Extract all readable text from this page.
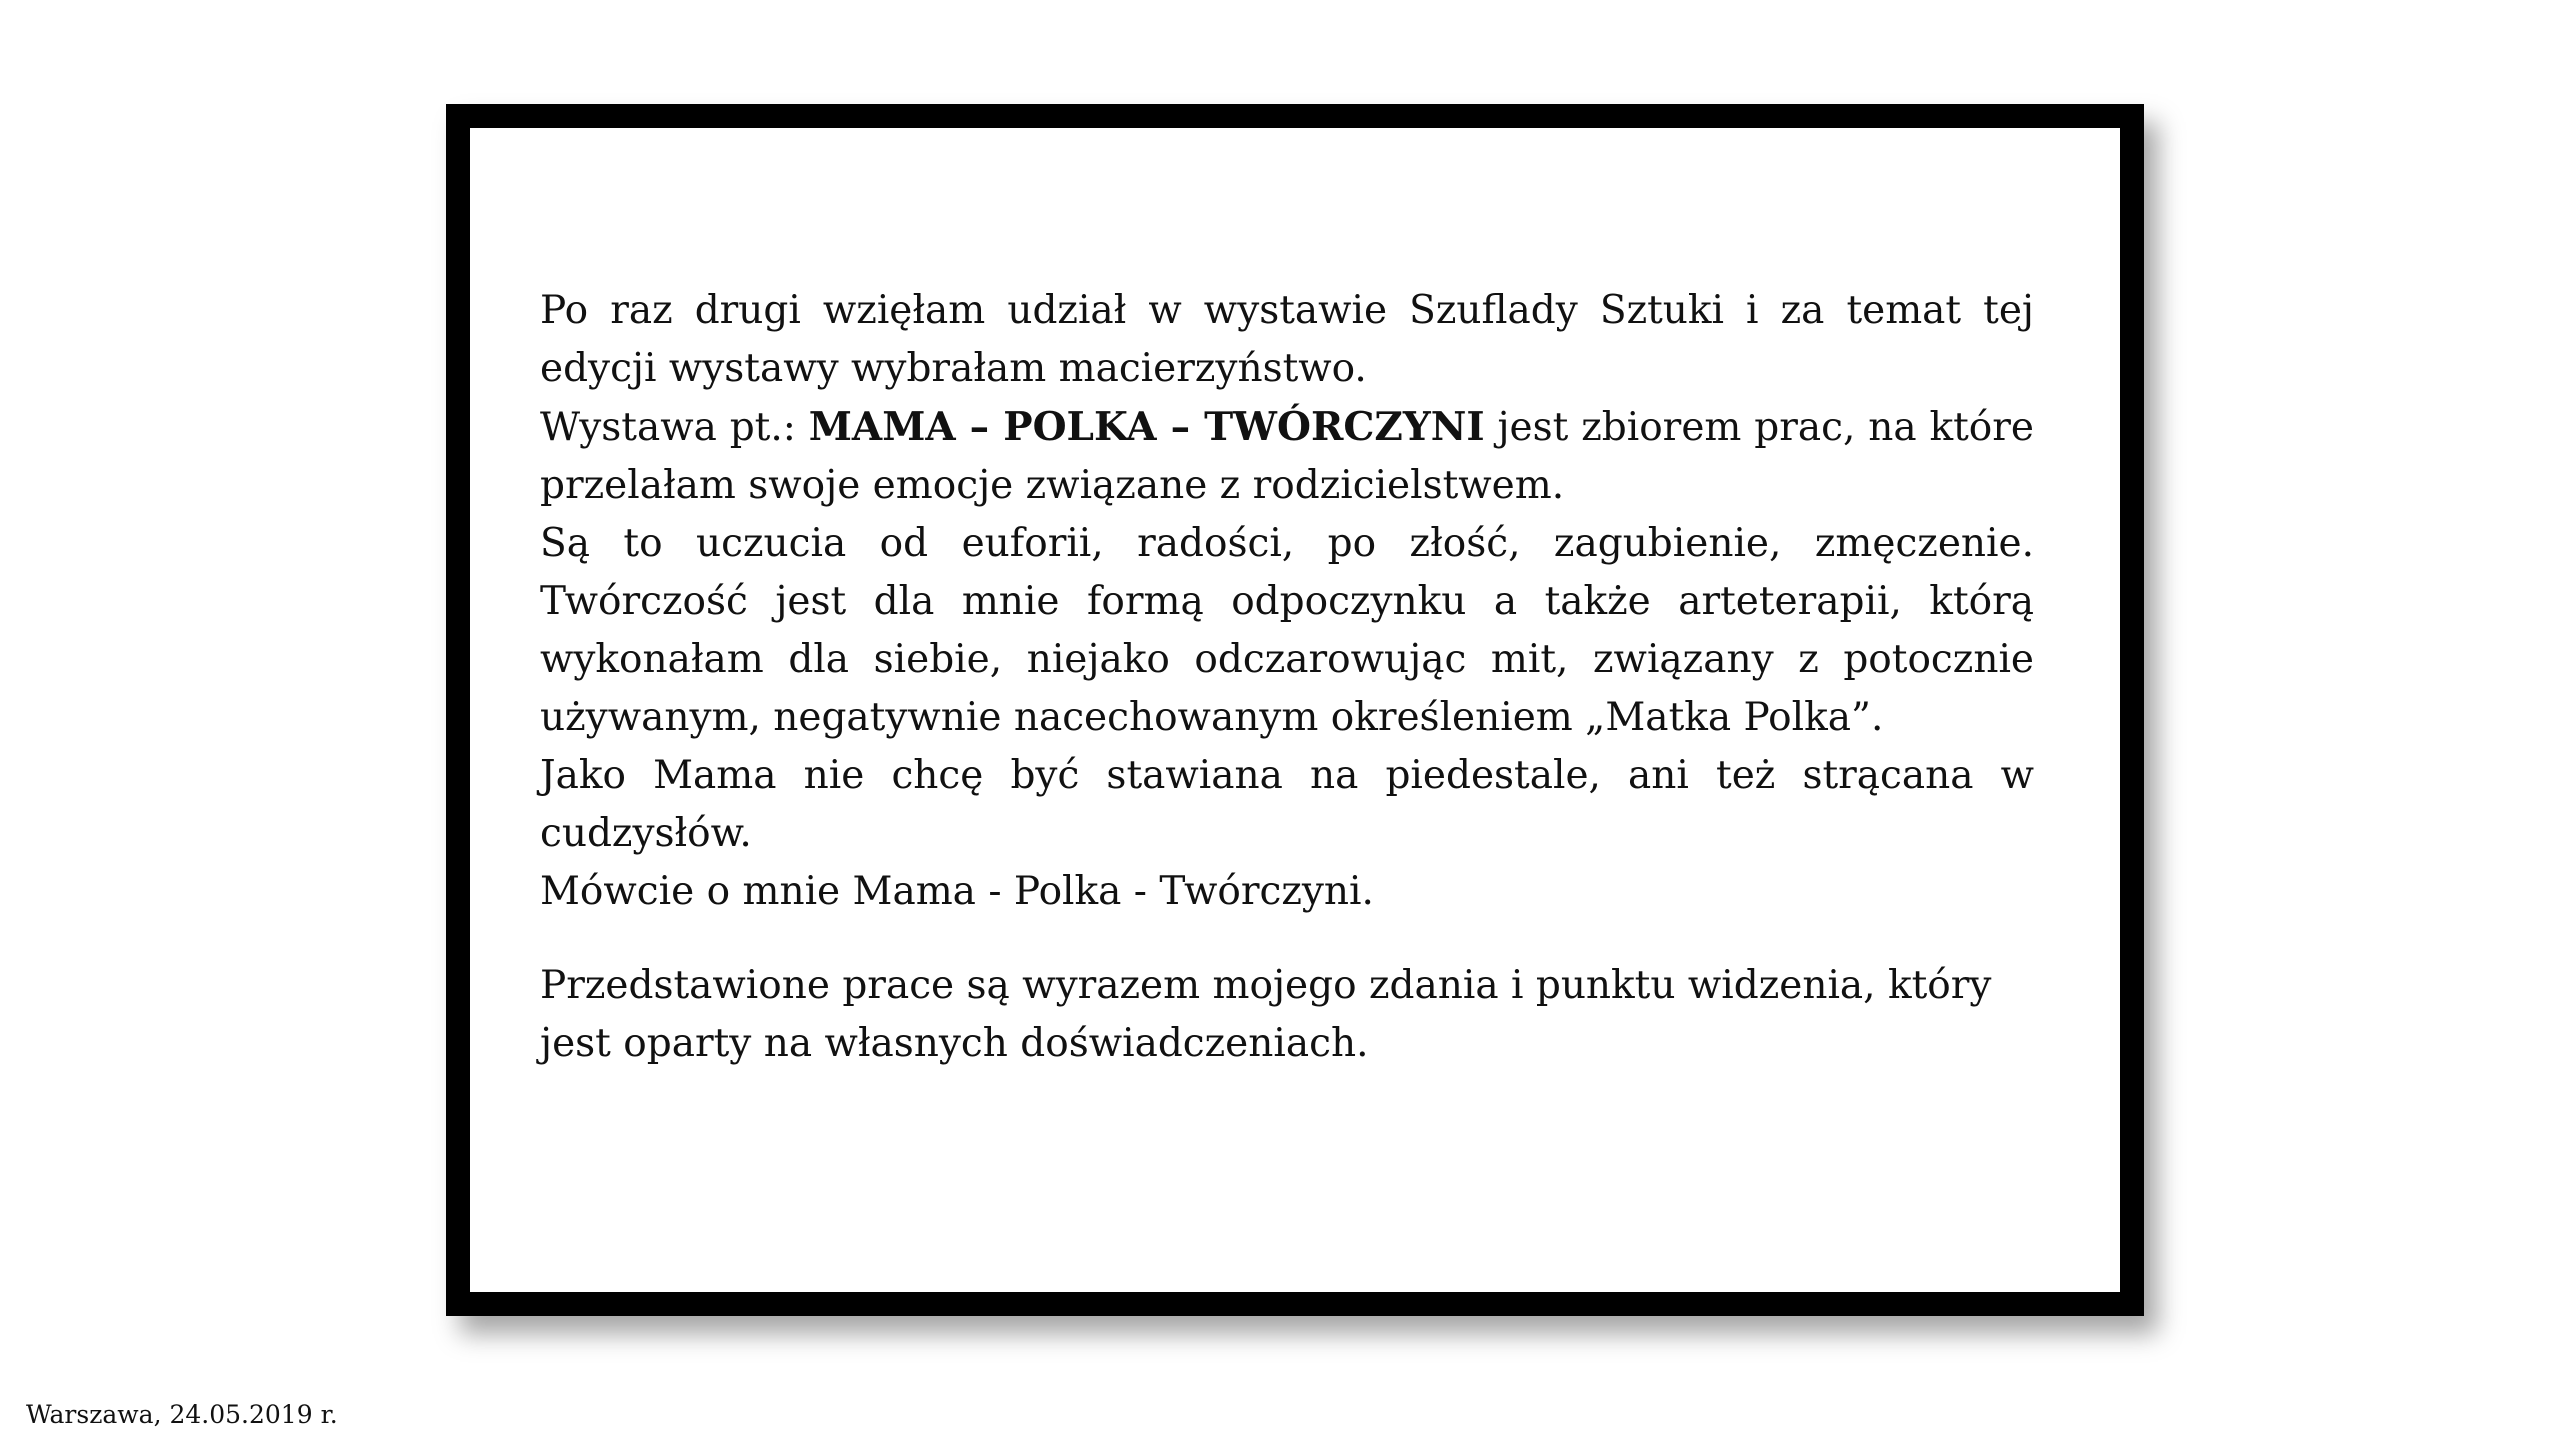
Po raz drugi wzięłam udział w wystawie Szuflady Sztuki i za temat tej edycji wystawy wybrałam macierzyństwo.

Wystawa pt.: MAMA – POLKA – TWÓRCZYNI jest zbiorem prac, na które przelałam swoje emocje związane z rodzicielstwem.

Są to uczucia od euforii, radości, po złość, zagubienie, zmęczenie. Twórczość jest dla mnie formą odpoczynku a także arteterapii, którą wykonałam dla siebie, niejako odczarowując mit, związany z potocznie używanym, negatywnie nacechowanym określeniem „Matka Polka”.

Jako Mama nie chcę być stawiana na piedestale, ani też strącana w cudzysłów.

Mówcie o mnie Mama - Polka - Twórczyni.

Przedstawione prace są wyrazem mojego zdania i punktu widzenia, który jest oparty na własnych doświadczeniach.

Warszawa, 24.05.2019 r.
